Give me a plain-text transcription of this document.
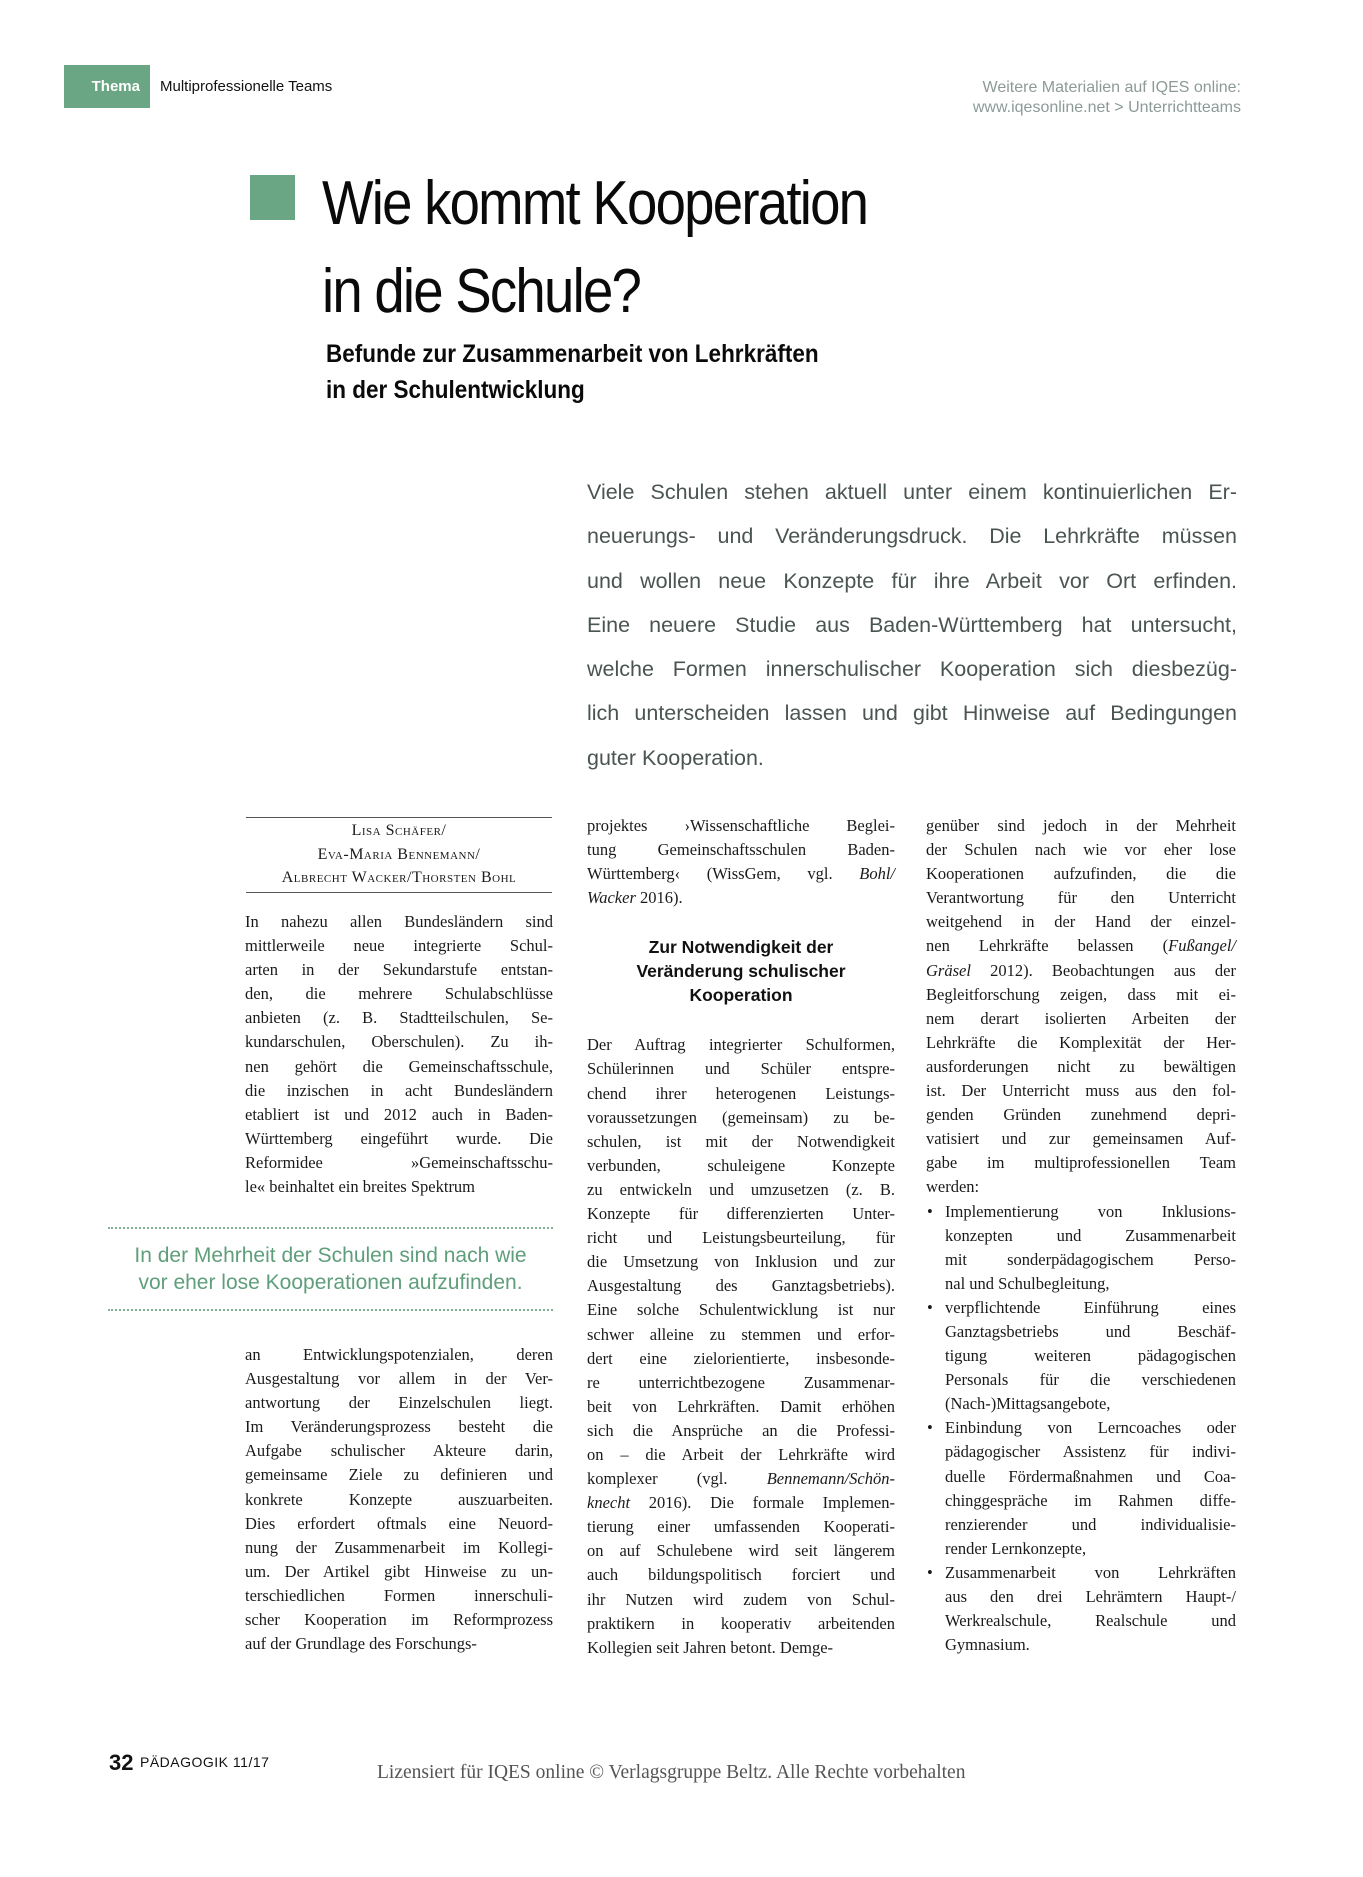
Thema	Multiprofessionelle Teams	Weitere Materialien auf IQES online:
www.iqesonline.net > Unterrichtteams
Wie kommt Kooperation
in die Schule?
Befunde zur Zusammenarbeit von Lehrkräften
in der Schulentwicklung
Viele Schulen stehen aktuell unter einem kontinuierlichen Er-
neuerungs- und Veränderungsdruck. Die Lehrkräfte müssen
und wollen neue Konzepte für ihre Arbeit vor Ort erfinden.
Eine neuere Studie aus Baden-Württemberg hat untersucht,
welche Formen innerschulischer Kooperation sich diesbezüg-
lich unterscheiden lassen und gibt Hinweise auf Bedingungen
guter Kooperation.
Lisa Schäfer/
Eva-Maria Bennemann/
Albrecht Wacker/Thorsten Bohl

In nahezu allen Bundesländern sind
mittlerweile neue integrierte Schul-
arten in der Sekundarstufe entstan-
den, die mehrere Schulabschlüsse
anbieten (z. B. Stadtteilschulen, Se-
kundarschulen, Oberschulen). Zu ih-
nen gehört die Gemeinschaftsschule,
die inzischen in acht Bundesländern
etabliert ist und 2012 auch in Baden-
Württemberg eingeführt wurde. Die
Reformidee »Gemeinschaftsschu-
le« beinhaltet ein breites Spektrum

In der Mehrheit der Schulen sind nach wie
vor eher lose Kooperationen aufzufinden.

an Entwicklungspotenzialen, deren
Ausgestaltung vor allem in der Ver-
antwortung der Einzelschulen liegt.
Im Veränderungsprozess besteht die
Aufgabe schulischer Akteure darin,
gemeinsame Ziele zu definieren und
konkrete Konzepte auszuarbeiten.
Dies erfordert oftmals eine Neuord-
nung der Zusammenarbeit im Kollegi-
um. Der Artikel gibt Hinweise zu un-
terschiedlichen Formen innerschuli-
scher Kooperation im Reformprozess
auf der Grundlage des Forschungs-

projektes ›Wissenschaftliche Beglei-
tung Gemeinschaftsschulen Baden-
Württemberg‹ (WissGem, vgl. Bohl/
Wacker 2016).

Zur Notwendigkeit der
Veränderung schulischer
Kooperation

Der Auftrag integrierter Schulformen,
Schülerinnen und Schüler entspre-
chend ihrer heterogenen Leistungs-
voraussetzungen (gemeinsam) zu be-
schulen, ist mit der Notwendigkeit
verbunden, schuleigene Konzepte
zu entwickeln und umzusetzen (z. B.
Konzepte für differenzierten Unter-
richt und Leistungsbeurteilung, für
die Umsetzung von Inklusion und zur
Ausgestaltung des Ganztagsbetriebs).
Eine solche Schulentwicklung ist nur
schwer alleine zu stemmen und erfor-
dert eine zielorientierte, insbesonde-
re unterrichtbezogene Zusammenar-
beit von Lehrkräften. Damit erhöhen
sich die Ansprüche an die Professi-
on – die Arbeit der Lehrkräfte wird
komplexer (vgl. Bennemann/Schön-
knecht 2016). Die formale Implemen-
tierung einer umfassenden Kooperati-
on auf Schulebene wird seit längerem
auch bildungspolitisch forciert und
ihr Nutzen wird zudem von Schul-
praktikern in kooperativ arbeitenden
Kollegien seit Jahren betont. Demge-

genüber sind jedoch in der Mehrheit
der Schulen nach wie vor eher lose
Kooperationen aufzufinden, die die
Verantwortung für den Unterricht
weitgehend in der Hand der einzel-
nen Lehrkräfte belassen (Fußangel/
Gräsel 2012). Beobachtungen aus der
Begleitforschung zeigen, dass mit ei-
nem derart isolierten Arbeiten der
Lehrkräfte die Komplexität der Her-
ausforderungen nicht zu bewältigen
ist. Der Unterricht muss aus den fol-
genden Gründen zunehmend depri-
vatisiert und zur gemeinsamen Auf-
gabe im multiprofessionellen Team
werden:

• Implementierung von Inklusions-
konzepten und Zusammenarbeit
mit sonderpädagogischem Perso-
nal und Schulbegleitung,
• verpflichtende Einführung eines
Ganztagsbetriebs und Beschäf-
tigung weiteren pädagogischen
Personals für die verschiedenen
(Nach-)Mittagsangebote,
• Einbindung von Lerncoaches oder
pädagogischer Assistenz für indivi-
duelle Fördermaßnahmen und Coa-
chinggespräche im Rahmen diffe-
renzierender und individualisie-
render Lernkonzepte,
• Zusammenarbeit von Lehrkräften
aus den drei Lehrämtern Haupt-/
Werkrealschule, Realschule und
Gymnasium.
32 PÄDAGOGIK 11/17	Lizensiert für IQES online © Verlagsgruppe Beltz. Alle Rechte vorbehalten
